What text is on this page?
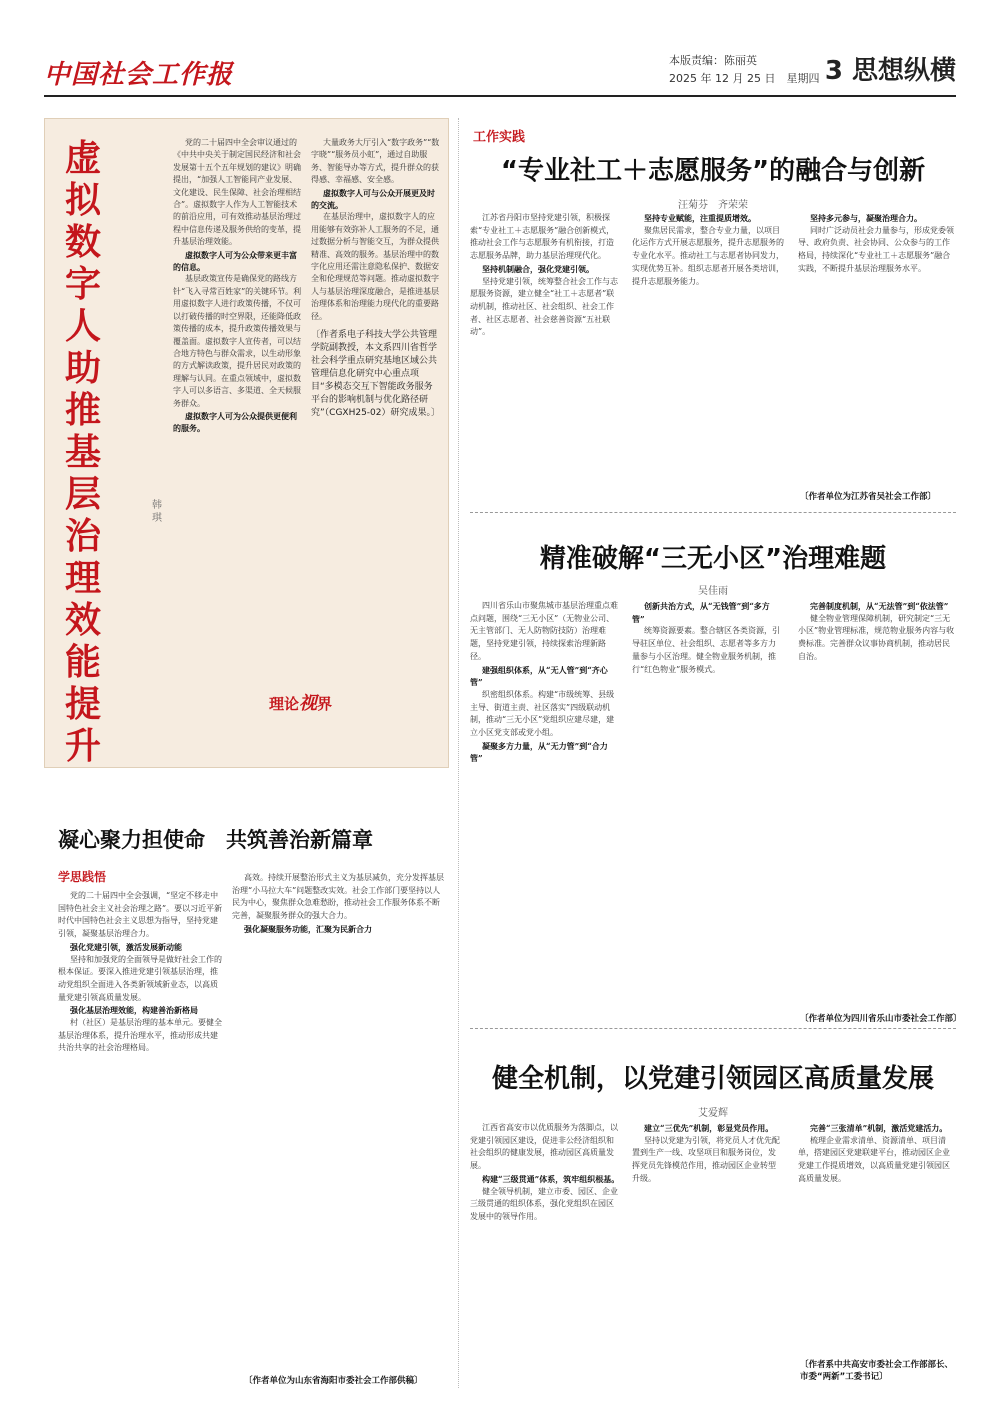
中国社会工作报	本版责编：陈丽英
2025 年 12 月 25 日　星期四 3 思想纵横
虚
拟
数
字
人
助
推
基
层
治
理
效
能
提
升
韩　琪

党的二十届四中全会审议通过的《中共中央关于制定国民经济和社会发展第十五个五年规划的建议》明确提出，“加强人工智能同产业发展、文化建设、民生保障、社会治理相结合”。虚拟数字人作为人工智能技术的前沿应用，可有效推动基层治理过程中信息传递及服务供给的变革，提升基层治理效能。

虚拟数字人可为公众带来更丰富的信息。

基层政策宣传是确保党的路线方针“飞入寻常百姓家”的关键环节。利用虚拟数字人进行政策传播，不仅可以打破传播的时空界限，还能降低政策传播的成本，提升政策传播效果与覆盖面。虚拟数字人宣传者，可以结合地方特色与群众需求，以生动形象的方式解读政策，提升居民对政策的理解与认同。在重点领域中，虚拟数字人可以多语言、多渠道、全天候服务群众。

虚拟数字人可为公众提供更便利的服务。

大量政务大厅引入“数字政务”“数字晓”“服务员小虹”，通过自助服务、智能导办等方式，提升群众的获得感、幸福感、安全感。

虚拟数字人可与公众开展更及时的交流。

在基层治理中，虚拟数字人的应用能够有效弥补人工服务的不足，通过数据分析与智能交互，为群众提供精准、高效的服务。基层治理中的数字化应用还需注意隐私保护、数据安全和伦理规范等问题。推动虚拟数字人与基层治理深度融合，是推进基层治理体系和治理能力现代化的重要路径。

〔作者系电子科技大学公共管理学院副教授，本文系四川省哲学社会科学重点研究基地区域公共管理信息化研究中心重点项目“多模态交互下智能政务服务平台的影响机制与优化路径研究”（CGXH25-02）研究成果。〕

理论视界
工作实践
“专业社工＋志愿服务”的融合与创新
汪菊芬　齐荣荣

江苏省丹阳市坚持党建引领，积极探索“专业社工＋志愿服务”融合创新模式，推动社会工作与志愿服务有机衔接，打造志愿服务品牌，助力基层治理现代化。

坚持机制融合，强化党建引领。

坚持党建引领，统筹整合社会工作与志愿服务资源，建立健全“社工＋志愿者”联动机制，推动社区、社会组织、社会工作者、社区志愿者、社会慈善资源“五社联动”。

坚持专业赋能，注重提质增效。

聚焦居民需求，整合专业力量，以项目化运作方式开展志愿服务，提升志愿服务的专业化水平。推动社工与志愿者协同发力，实现优势互补。组织志愿者开展各类培训，提升志愿服务能力。

坚持多元参与，凝聚治理合力。

同时广泛动员社会力量参与，形成党委领导、政府负责、社会协同、公众参与的工作格局，持续深化“专业社工＋志愿服务”融合实践，不断提升基层治理服务水平。

〔作者单位为江苏省吴社会工作部〕
精准破解“三无小区”治理难题
吴佳雨

四川省乐山市聚焦城市基层治理重点难点问题，围绕“三无小区”（无物业公司、无主管部门、无人防物防技防）治理难题，坚持党建引领，持续探索治理新路径。

建强组织体系，从“无人管”到“齐心管”

织密组织体系。构建“市级统筹、县级主导、街道主责、社区落实”四级联动机制，推动“三无小区”党组织应建尽建，建立小区党支部或党小组。

凝聚多方力量，从“无力管”到“合力管”

创新共治方式，从“无钱管”到“多方管”

统筹资源要素。整合辖区各类资源，引导驻区单位、社会组织、志愿者等多方力量参与小区治理。健全物业服务机制，推行“红色物业”服务模式。

完善制度机制，从“无法管”到“依法管”

健全物业管理保障机制，研究制定“三无小区”物业管理标准，规范物业服务内容与收费标准。完善群众议事协商机制，推动居民自治。

〔作者单位为四川省乐山市委社会工作部〕
健全机制，以党建引领园区高质量发展
艾爱辉

江西省高安市以优质服务为落脚点，以党建引领园区建设，促进非公经济组织和社会组织的健康发展，推动园区高质量发展。

构建“三级贯通”体系，筑牢组织根基。

健全领导机制，建立市委、园区、企业三级贯通的组织体系，强化党组织在园区发展中的领导作用。

建立“三优先”机制，彰显党员作用。

坚持以党建为引领，将党员人才优先配置到生产一线、攻坚项目和服务岗位，发挥党员先锋模范作用，推动园区企业转型升级。

完善“三张清单”机制，激活党建活力。

梳理企业需求清单、资源清单、项目清单，搭建园区党建联建平台，推动园区企业党建工作提质增效，以高质量党建引领园区高质量发展。

〔作者系中共高安市委社会工作部部长、市委“两新”工委书记〕
凝心聚力担使命　共筑善治新篇章
学思践悟

党的二十届四中全会强调，“坚定不移走中国特色社会主义社会治理之路”。要以习近平新时代中国特色社会主义思想为指导，坚持党建引领，凝聚基层治理合力。

强化党建引领，激活发展新动能

坚持和加强党的全面领导是做好社会工作的根本保证。要深入推进党建引领基层治理，推动党组织全面进入各类新领域新业态，以高质量党建引领高质量发展。

强化基层治理效能，构建善治新格局

村（社区）是基层治理的基本单元。要健全基层治理体系，提升治理水平，推动形成共建共治共享的社会治理格局。

高效。持续开展整治形式主义为基层减负，充分发挥基层治理“小马拉大车”问题整改实效。社会工作部门要坚持以人民为中心，聚焦群众急难愁盼，推动社会工作服务体系不断完善，凝聚服务群众的强大合力。

强化凝聚服务功能，汇聚为民新合力

〔作者单位为山东省海阳市委社会工作部供稿〕
